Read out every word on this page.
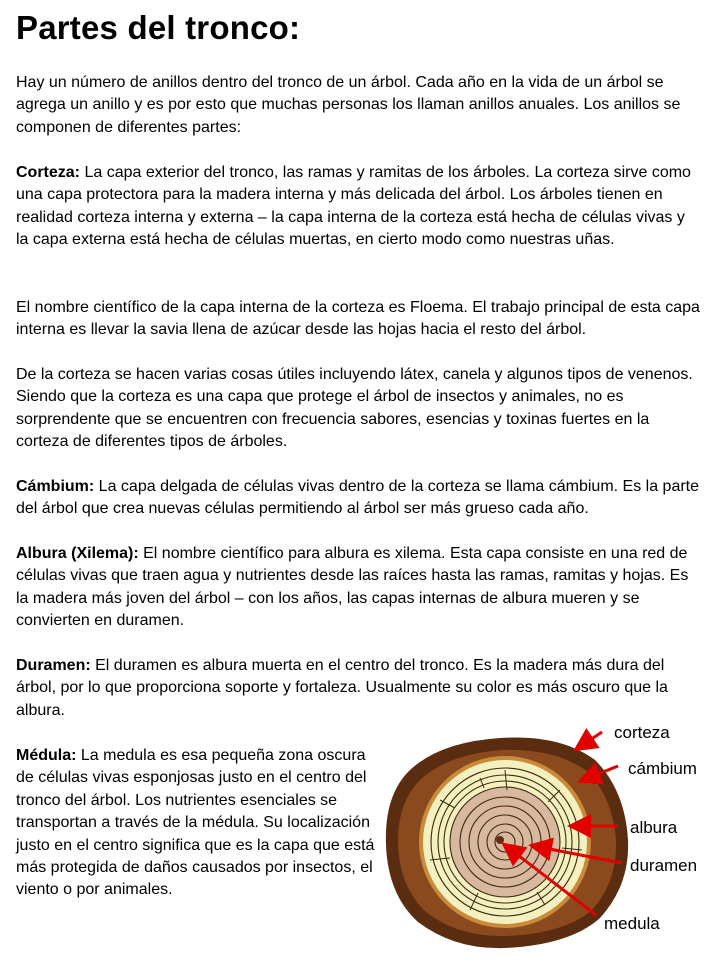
Partes del tronco:

Hay un número de anillos dentro del tronco de un árbol. Cada año en la vida de un árbol se agrega un anillo y es por esto que muchas personas los llaman anillos anuales. Los anillos se componen de diferentes partes:

Corteza: La capa exterior del tronco, las ramas y ramitas de los árboles. La corteza sirve como una capa protectora para la madera interna y más delicada del árbol. Los árboles tienen en realidad corteza interna y externa – la capa interna de la corteza está hecha de células vivas y la capa externa está hecha de células muertas, en cierto modo como nuestras uñas.

El nombre científico de la capa interna de la corteza es Floema. El trabajo principal de esta capa interna es llevar la savia llena de azúcar desde las hojas hacia el resto del árbol.

De la corteza se hacen varias cosas útiles incluyendo látex, canela y algunos tipos de venenos. Siendo que la corteza es una capa que protege el árbol de insectos y animales, no es sorprendente que se encuentren con frecuencia sabores, esencias y toxinas fuertes en la corteza de diferentes tipos de árboles.

Cámbium: La capa delgada de células vivas dentro de la corteza se llama cámbium. Es la parte del árbol que crea nuevas células permitiendo al árbol ser más grueso cada año.

Albura (Xilema): El nombre científico para albura es xilema. Esta capa consiste en una red de células vivas que traen agua y nutrientes desde las raíces hasta las ramas, ramitas y hojas. Es la madera más joven del árbol – con los años, las capas internas de albura mueren y se convierten en duramen.

Duramen: El duramen es albura muerta en el centro del tronco. Es la madera más dura del árbol, por lo que proporciona soporte y fortaleza. Usualmente su color es más oscuro que la albura.

Médula: La medula es esa pequeña zona oscura de células vivas esponjosas justo en el centro del tronco del árbol. Los nutrientes esenciales se transportan a través de la médula. Su localización justo en el centro significa que es la capa que está más protegida de daños causados por insectos, el viento o por animales.

corteza
cámbium
albura
duramen
medula
